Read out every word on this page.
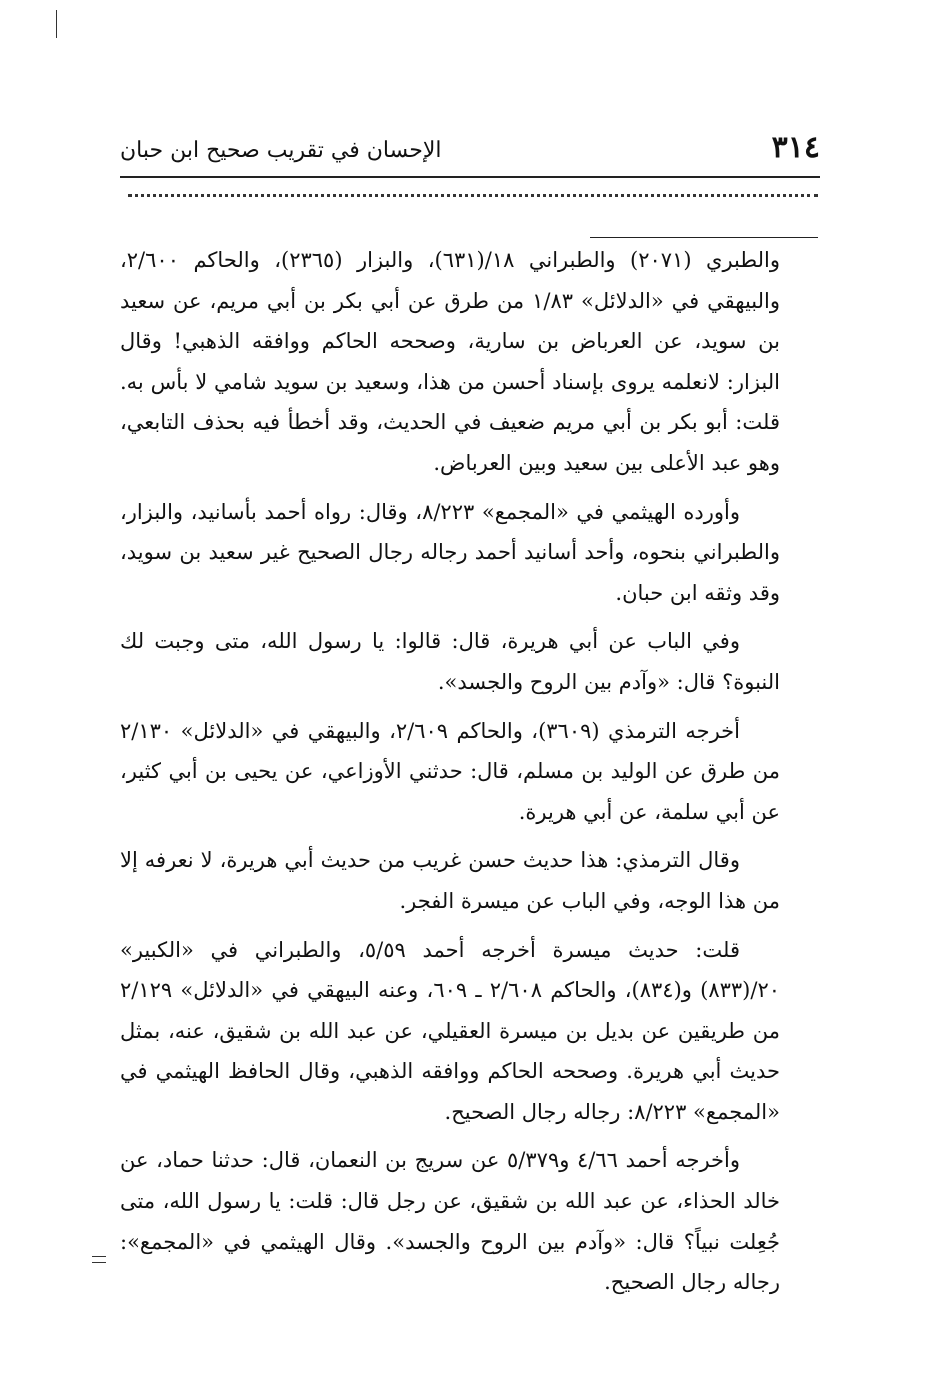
٣١٤
الإحسان في تقريب صحيح ابن حبان

والطبري (٢٠٧١) والطبراني ١٨/(٦٣١)، والبزار (٢٣٦٥)، والحاكم ٢/٦٠٠، والبيهقي في «الدلائل» ١/٨٣ من طرق عن أبي بكر بن أبي مريم، عن سعيد بن سويد، عن العرباض بن سارية، وصححه الحاكم ووافقه الذهبي! وقال البزار: لانعلمه يروى بإسناد أحسن من هذا، وسعيد بن سويد شامي لا بأس به. قلت: أبو بكر بن أبي مريم ضعيف في الحديث، وقد أخطأ فيه بحذف التابعي، وهو عبد الأعلى بين سعيد وبين العرباض.

وأورده الهيثمي في «المجمع» ٨/٢٢٣، وقال: رواه أحمد بأسانيد، والبزار، والطبراني بنحوه، وأحد أسانيد أحمد رجاله رجال الصحيح غير سعيد بن سويد، وقد وثقه ابن حبان.

وفي الباب عن أبي هريرة، قال: قالوا: يا رسول الله، متى وجبت لك النبوة؟ قال: «وآدم بين الروح والجسد».

أخرجه الترمذي (٣٦٠٩)، والحاكم ٢/٦٠٩، والبيهقي في «الدلائل» ٢/١٣٠ من طرق عن الوليد بن مسلم، قال: حدثني الأوزاعي، عن يحيى بن أبي كثير، عن أبي سلمة، عن أبي هريرة.

وقال الترمذي: هذا حديث حسن غريب من حديث أبي هريرة، لا نعرفه إلا من هذا الوجه، وفي الباب عن ميسرة الفجر.

قلت: حديث ميسرة أخرجه أحمد ٥/٥٩، والطبراني في «الكبير» ٢٠/(٨٣٣) و(٨٣٤)، والحاكم ٢/٦٠٨ ـ ٦٠٩، وعنه البيهقي في «الدلائل» ٢/١٢٩ من طريقين عن بديل بن ميسرة العقيلي، عن عبد الله بن شقيق، عنه، بمثل حديث أبي هريرة. وصححه الحاكم ووافقه الذهبي، وقال الحافظ الهيثمي في «المجمع» ٨/٢٢٣: رجاله رجال الصحيح.

وأخرجه أحمد ٤/٦٦ و٥/٣٧٩ عن سريج بن النعمان، قال: حدثنا حماد، عن خالد الحذاء، عن عبد الله بن شقيق، عن رجل قال: قلت: يا رسول الله، متى جُعِلت نبياً؟ قال: «وآدم بين الروح والجسد». وقال الهيثمي في «المجمع»: رجاله رجال الصحيح.
